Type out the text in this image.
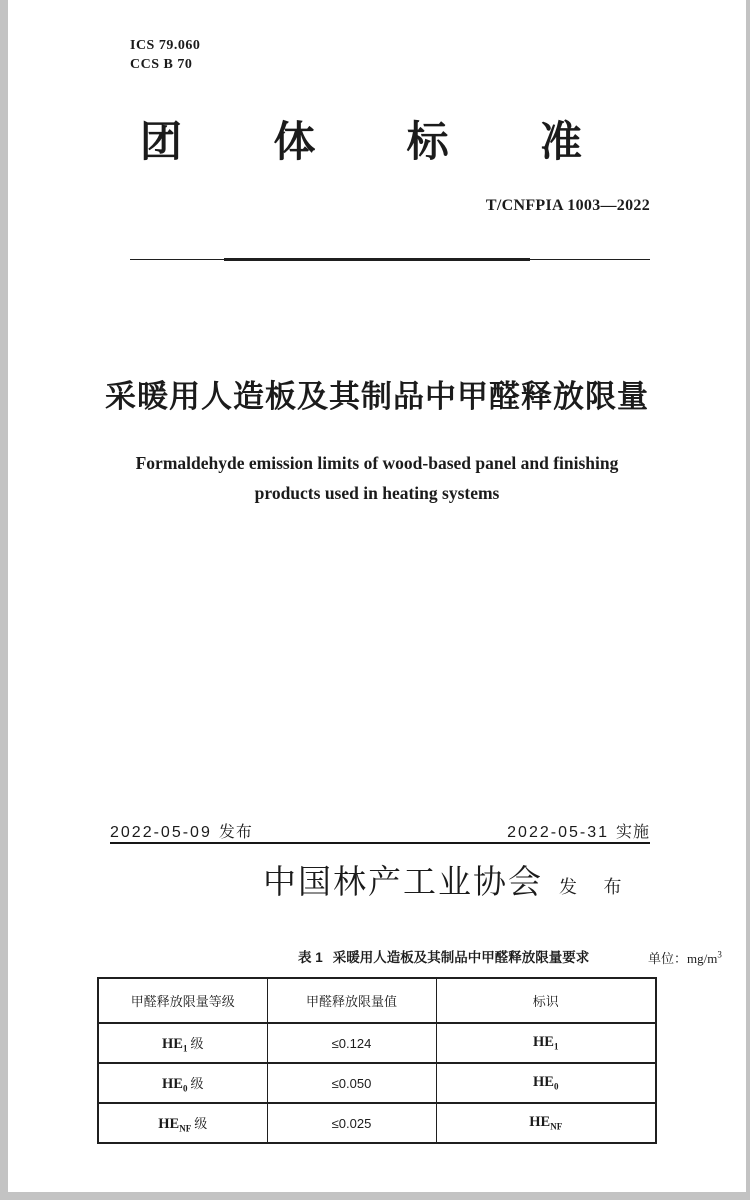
ICS 79.060
CCS B 70
团 体 标 准
T/CNFPIA 1003—2022
采暖用人造板及其制品中甲醛释放限量
Formaldehyde emission limits of wood-based panel and finishing
products used in heating systems
2022-05-09 发布	2022-05-31 实施
中国林产工业协会 发 布
表 1 采暖用人造板及其制品中甲醛释放限量要求	单位：$mg/m^3$
甲醛释放限量等级	甲醛释放限量值	标识
$HE_1$ 级	≤0.124	$HE_1$
$HE_0$ 级	≤0.050	$HE_0$
$HE_{NF}$ 级	≤0.025	$HE_{NF}$
